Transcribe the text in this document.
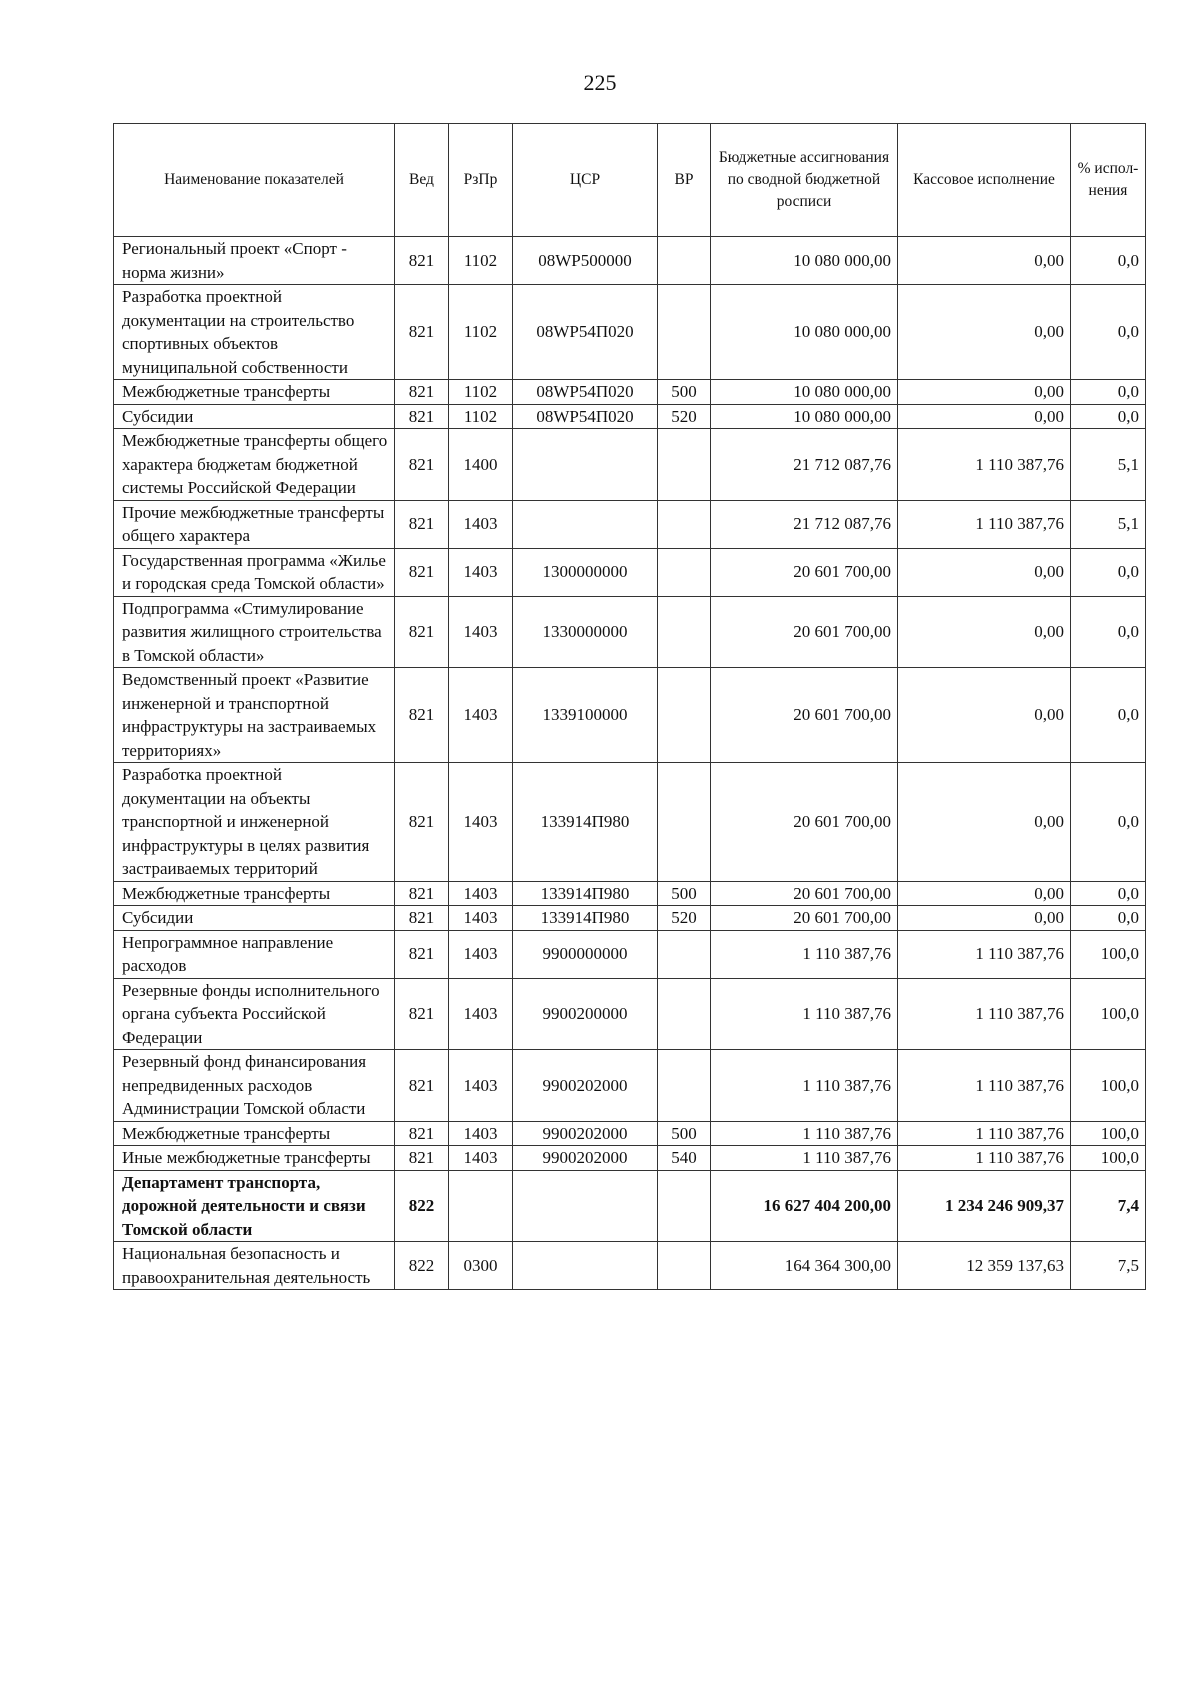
225
Наименование показателей	Вед	РзПр	ЦСР	ВР	Бюджетные ассигнования по сводной бюджетной росписи	Кассовое исполнение	% испол-нения
Региональный проект «Спорт - норма жизни»	821	1102	08WP500000		10 080 000,00	0,00	0,0
Разработка проектной документации на строительство спортивных объектов муниципальной собственности	821	1102	08WP54П020		10 080 000,00	0,00	0,0
Межбюджетные трансферты	821	1102	08WP54П020	500	10 080 000,00	0,00	0,0
Субсидии	821	1102	08WP54П020	520	10 080 000,00	0,00	0,0
Межбюджетные трансферты общего характера бюджетам бюджетной системы Российской Федерации	821	1400			21 712 087,76	1 110 387,76	5,1
Прочие межбюджетные трансферты общего характера	821	1403			21 712 087,76	1 110 387,76	5,1
Государственная программа «Жилье и городская среда Томской области»	821	1403	1300000000		20 601 700,00	0,00	0,0
Подпрограмма «Стимулирование развития жилищного строительства в Томской области»	821	1403	1330000000		20 601 700,00	0,00	0,0
Ведомственный проект «Развитие инженерной и транспортной инфраструктуры на застраиваемых территориях»	821	1403	1339100000		20 601 700,00	0,00	0,0
Разработка проектной документации на объекты транспортной и инженерной инфраструктуры в целях развития застраиваемых территорий	821	1403	133914П980		20 601 700,00	0,00	0,0
Межбюджетные трансферты	821	1403	133914П980	500	20 601 700,00	0,00	0,0
Субсидии	821	1403	133914П980	520	20 601 700,00	0,00	0,0
Непрограммное направление расходов	821	1403	9900000000		1 110 387,76	1 110 387,76	100,0
Резервные фонды исполнительного органа субъекта Российской Федерации	821	1403	9900200000		1 110 387,76	1 110 387,76	100,0
Резервный фонд финансирования непредвиденных расходов Администрации Томской области	821	1403	9900202000		1 110 387,76	1 110 387,76	100,0
Межбюджетные трансферты	821	1403	9900202000	500	1 110 387,76	1 110 387,76	100,0
Иные межбюджетные трансферты	821	1403	9900202000	540	1 110 387,76	1 110 387,76	100,0
Департамент транспорта, дорожной деятельности и связи Томской области	822				16 627 404 200,00	1 234 246 909,37	7,4
Национальная безопасность и правоохранительная деятельность	822	0300			164 364 300,00	12 359 137,63	7,5
